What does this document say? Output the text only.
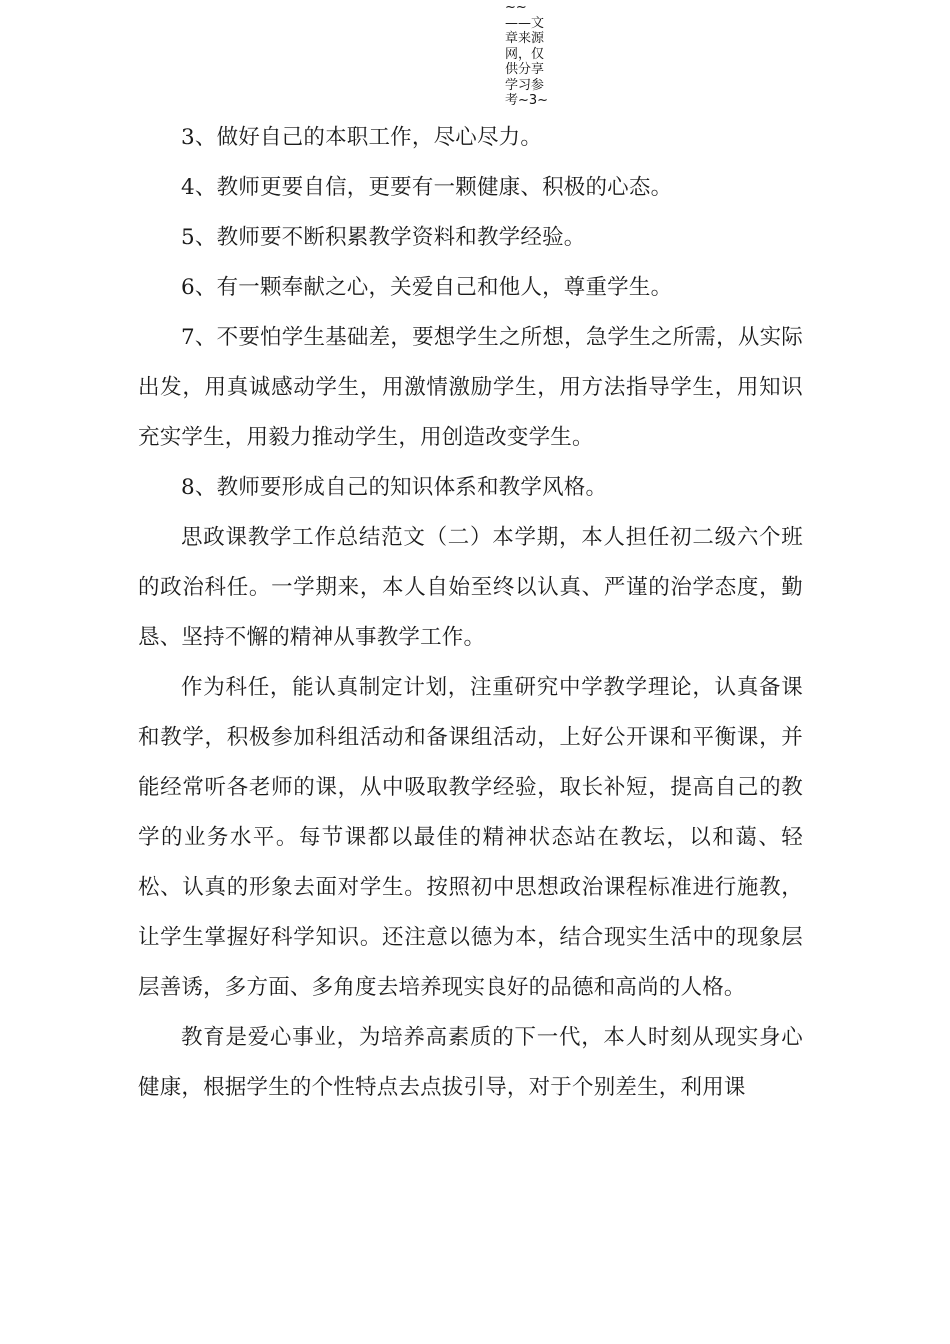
~~
——文
章来源
网，仅
供分享
学习参
考~3~

3、做好自己的本职工作，尽心尽力。

4、教师更要自信，更要有一颗健康、积极的心态。

5、教师要不断积累教学资料和教学经验。

6、有一颗奉献之心，关爱自己和他人，尊重学生。

7、不要怕学生基础差，要想学生之所想，急学生之所需，从实际出发，用真诚感动学生，用激情激励学生，用方法指导学生，用知识充实学生，用毅力推动学生，用创造改变学生。

8、教师要形成自己的知识体系和教学风格。

思政课教学工作总结范文（二）本学期，本人担任初二级六个班的政治科任。一学期来，本人自始至终以认真、严谨的治学态度，勤恳、坚持不懈的精神从事教学工作。

作为科任，能认真制定计划，注重研究中学教学理论，认真备课和教学，积极参加科组活动和备课组活动，上好公开课和平衡课，并能经常听各老师的课，从中吸取教学经验，取长补短，提高自己的教学的业务水平。每节课都以最佳的精神状态站在教坛，以和蔼、轻松、认真的形象去面对学生。按照初中思想政治课程标准进行施教，让学生掌握好科学知识。还注意以德为本，结合现实生活中的现象层层善诱，多方面、多角度去培养现实良好的品德和高尚的人格。

教育是爱心事业，为培养高素质的下一代，本人时刻从现实身心健康，根据学生的个性特点去点拔引导，对于个别差生，利用课
